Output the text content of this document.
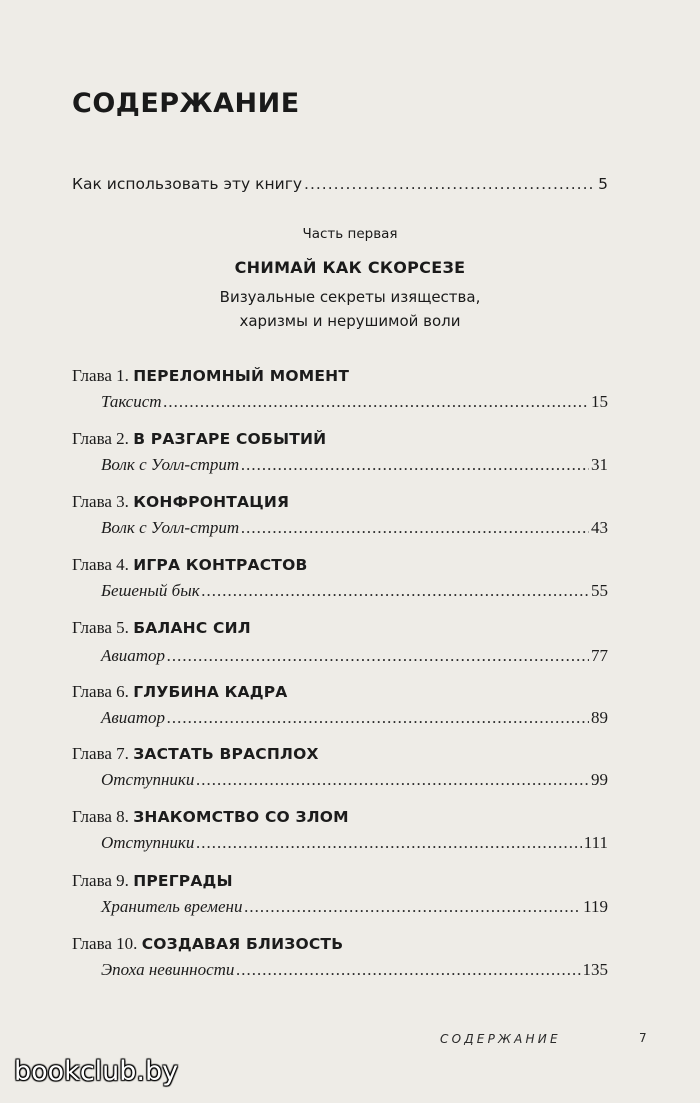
СОДЕРЖАНИЕ
Как использовать эту книгу .....	5
Часть первая
СНИМАЙ КАК СКОРСЕЗЕ
Визуальные секреты изящества,
харизмы и нерушимой воли
Глава 1. ПЕРЕЛОМНЫЙ МОМЕНТ
Таксист .....	15
Глава 2. В РАЗГАРЕ СОБЫТИЙ
Волк с Уолл-стрит .....	31
Глава 3. КОНФРОНТАЦИЯ
Волк с Уолл-стрит .....	43
Глава 4. ИГРА КОНТРАСТОВ
Бешеный бык .....	55
Глава 5. БАЛАНС СИЛ
Авиатор .....	77
Глава 6. ГЛУБИНА КАДРА
Авиатор .....	89
Глава 7. ЗАСТАТЬ ВРАСПЛОХ
Отступники .....	99
Глава 8. ЗНАКОМСТВО СО ЗЛОМ
Отступники .....	111
Глава 9. ПРЕГРАДЫ
Хранитель времени .....	119
Глава 10. СОЗДАВАЯ БЛИЗОСТЬ
Эпоха невинности .....	135
СОДЕРЖАНИЕ	7
bookclub.by
